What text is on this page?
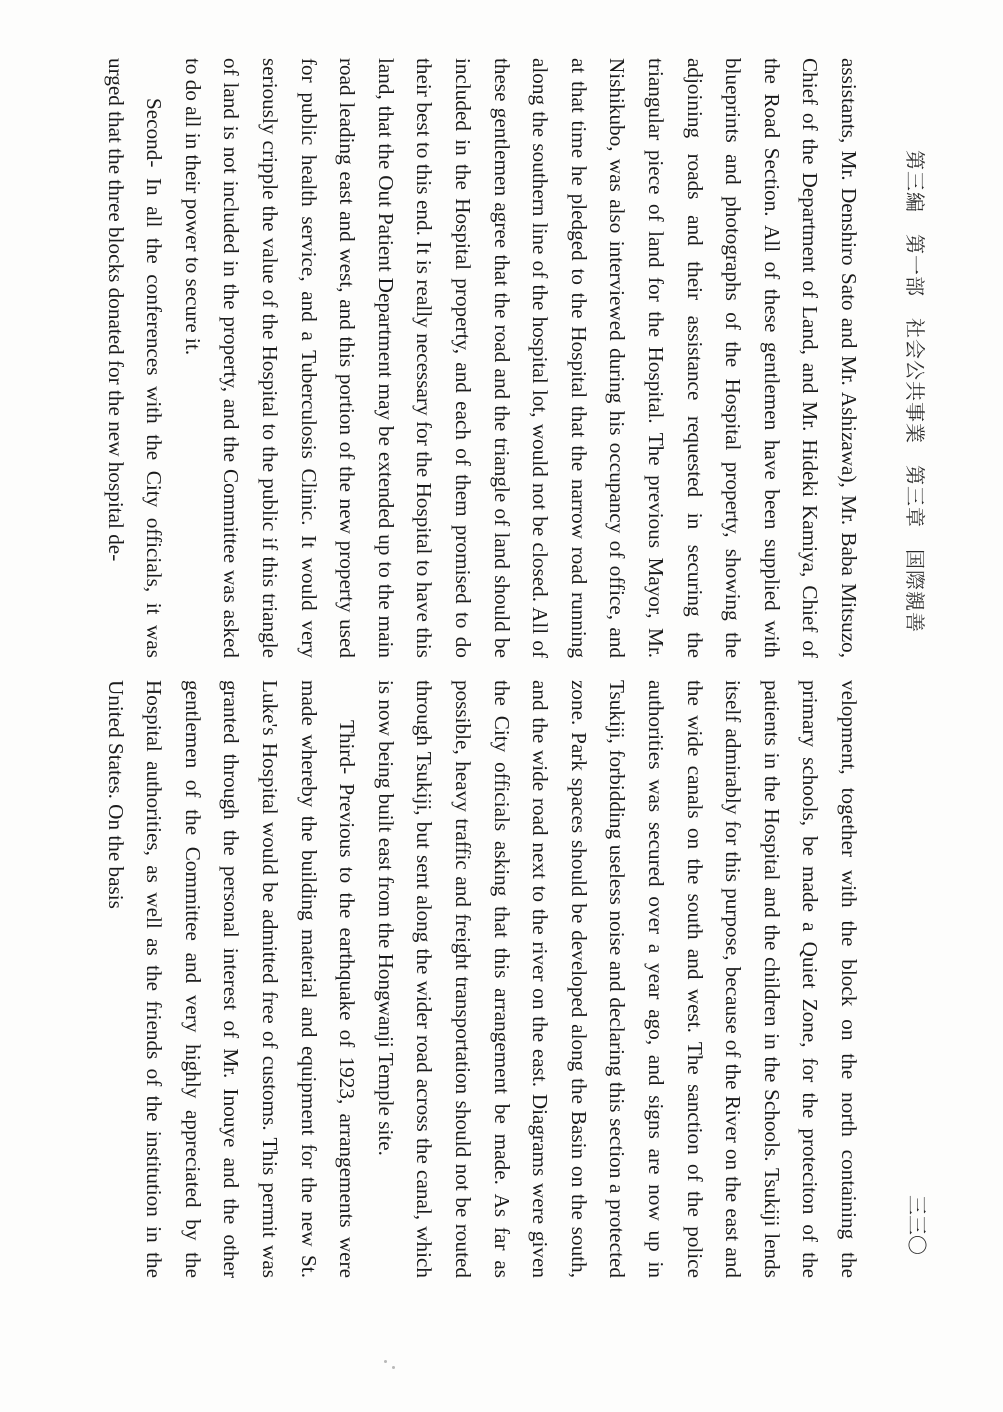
第三編　第一部　社会公共事業　第三章　国際親善
三三〇

assistants, Mr. Denshiro Sato and Mr. Ashizawa), Mr. Baba Mitsuzo, Chief of the Department of Land, and Mr. Hideki Kamiya, Chief of the Road Section. All of these gentlemen have been supplied with blueprints and photographs of the Hospital property, showing the adjoining roads and their assistance requested in securing the triangular piece of land for the Hospital. The previous Mayor, Mr. Nishikubo, was also interviewed during his occupancy of office, and at that time he pledged to the Hospital that the narrow road running along the southern line of the hospital lot, would not be closed. All of these gentlemen agree that the road and the triangle of land should be included in the Hospital property, and each of them promised to do their best to this end. It is really necessary for the Hospital to have this land, that the Out Patient Department may be extended up to the main road leading east and west, and this portion of the new property used for public health service, and a Tuberculosis Clinic. It would very seriously cripple the value of the Hospital to the public if this triangle of land is not included in the property, and the Committee was asked to do all in their power to secure it.

Second- In all the conferences with the City officials, it was urged that the three blocks donated for the new hospital de-

velopment, together with the block on the north containing the primary schools, be made a Quiet Zone, for the proteciton of the patients in the Hospital and the children in the Schools. Tsukiji lends itself admirably for this purpose, because of the River on the east and the wide canals on the south and west. The sanction of the police authorities was secured over a year ago, and signs are now up in Tsukiji, forbidding useless noise and declaring this section a protected zone. Park spaces should be developed along the Basin on the south, and the wide road next to the river on the east. Diagrams were given the City officials asking that this arrangement be made. As far as possible, heavy traffic and freight transportation should not be routed through Tsukiji, but sent along the wider road across the canal, which is now being built east from the Hongwanji Temple site.

Third- Previous to the earthquake of 1923, arrangements were made whereby the building material and equipment for the new St. Luke's Hospital would be admitted free of customs. This permit was granted through the personal interest of Mr. Inouye and the other gentlemen of the Committee and very highly appreciated by the Hospital authorities, as well as the friends of the institution in the United States. On the basis
